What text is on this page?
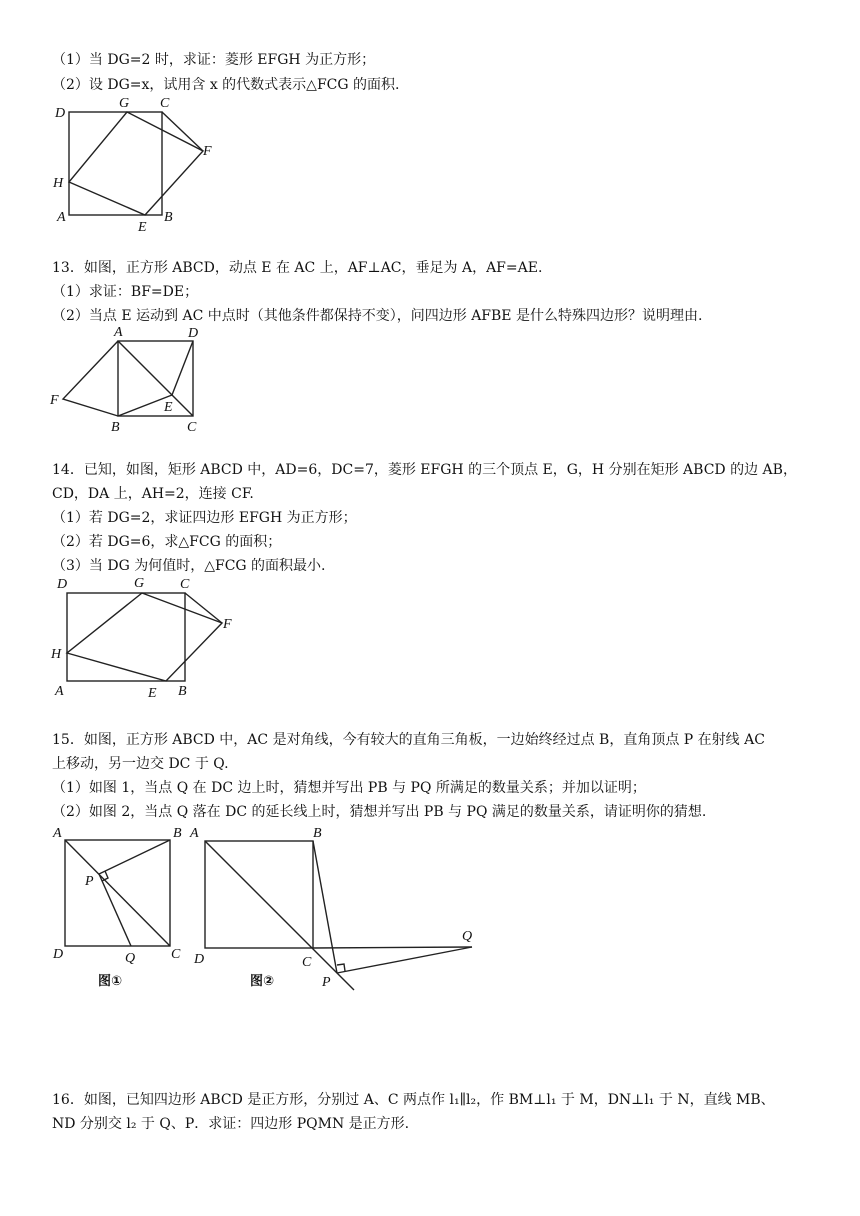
（1）当 DG=2 时，求证：菱形 EFGH 为正方形；
（2）设 DG=x，试用含 x 的代数式表示△FCG 的面积.
D
G C
F
H
A
E
B
13．如图，正方形 ABCD，动点 E 在 AC 上，AF⊥AC，垂足为 A，AF=AE.
（1）求证：BF=DE；
（2）当点 E 运动到 AC 中点时（其他条件都保持不变），问四边形 AFBE 是什么特殊四边形？说明理由.
A	D
F	E
B	C
14．已知，如图，矩形 ABCD 中，AD=6，DC=7，菱形 EFGH 的三个顶点 E，G，H 分别在矩形 ABCD 的边 AB，
CD，DA 上，AH=2，连接 CF.
（1）若 DG=2，求证四边形 EFGH 为正方形；
（2）若 DG=6，求△FCG 的面积；
（3）当 DG 为何值时，△FCG 的面积最小.
D	G	C
F
H
A	E B
15．如图，正方形 ABCD 中，AC 是对角线，今有较大的直角三角板，一边始终经过点 B，直角顶点 P 在射线 AC
上移动，另一边交 DC 于 Q.
（1）如图 1，当点 Q 在 DC 边上时，猜想并写出 PB 与 PQ 所满足的数量关系；并加以证明；
（2）如图 2，当点 Q 落在 DC 的延长线上时，猜想并写出 PB 与 PQ 满足的数量关系，请证明你的猜想.
A	B
P
D	Q	C
图①
A	B
D	C
P
Q
图②
16．如图，已知四边形 ABCD 是正方形，分别过 A、C 两点作 l₁∥l₂，作 BM⊥l₁ 于 M，DN⊥l₁ 于 N，直线 MB、
ND 分别交 l₂ 于 Q、P．求证：四边形 PQMN 是正方形.
